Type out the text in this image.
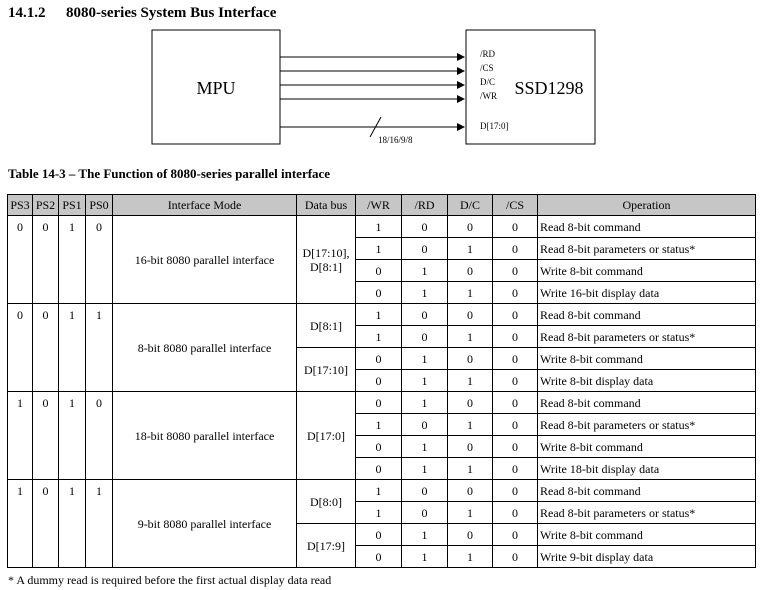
14.1.2 8080-series System Bus Interface
MPU	SSD1298
/RD
/CS
D/C
/WR
D[17:0]
18/16/9/8
Table 14-3 – The Function of 8080-series parallel interface
PS3	PS2	PS1	PS0	Interface Mode	Data bus	/WR	/RD	D/C	/CS	Operation
0	0	1	0	16-bit 8080 parallel interface	D[17:10],
D[8:1]	1	0	0	0	Read 8-bit command
						1	0	1	0	Read 8-bit parameters or status*
						0	1	0	0	Write 8-bit command
						0	1	1	0	Write 16-bit display data
0	0	1	1	8-bit 8080 parallel interface	D[8:1]	1	0	0	0	Read 8-bit command
						1	0	1	0	Read 8-bit parameters or status*
					D[17:10]	0	1	0	0	Write 8-bit command
						0	1	1	0	Write 8-bit display data
1	0	1	0	18-bit 8080 parallel interface	D[17:0]	0	1	0	0	Read 8-bit command
						1	0	1	0	Read 8-bit parameters or status*
						0	1	0	0	Write 8-bit command
						0	1	1	0	Write 18-bit display data
1	0	1	1	9-bit 8080 parallel interface	D[8:0]	1	0	0	0	Read 8-bit command
						1	0	1	0	Read 8-bit parameters or status*
					D[17:9]	0	1	0	0	Write 8-bit command
						0	1	1	0	Write 9-bit display data
* A dummy read is required before the first actual display data read
